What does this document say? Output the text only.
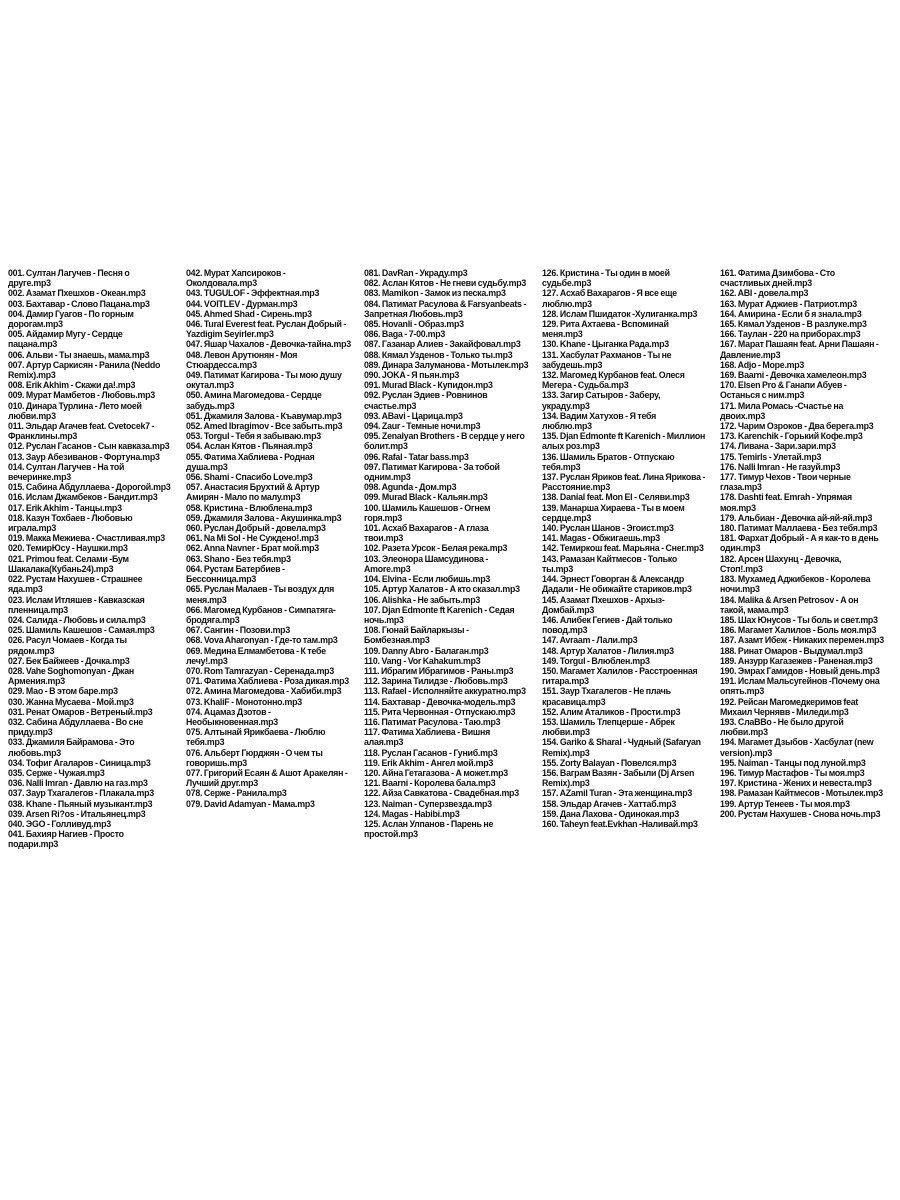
001. Султан Лагучев - Песня о друге.mp3
002. Азамат Пхешхов - Океан.mp3
003. Бахтавар - Слово Пацана.mp3
004. Дамир Гуагов - По горным дорогам.mp3
005. Айдамир Мугу - Сердце пацана.mp3
006. Альви - Ты знаешь, мама.mp3
007. Артур Саркисян - Ранила (Neddo Remix).mp3
008. Erik Akhim - Скажи да!.mp3
009. Мурат Мамбетов - Любовь.mp3
010. Динара Турлина - Лето моей любви.mp3
011. Эльдар Агачев feat. Cvetocek7 - Франклины.mp3
012. Руслан Гасанов - Сын кавказа.mp3
013. Заур Абезиванов - Фортуна.mp3
014. Султан Лагучев - На той вечеринке.mp3
015. Сабина Абдуллаева - Дорогой.mp3
016. Ислам Джамбеков - Бандит.mp3
017. Erik Akhim - Танцы.mp3
018. Казун Тохбаев - Любовью играла.mp3
019. Макка Межиева - Счастливая.mp3
020. ТемирЮсу - Наушки.mp3
021. Primou feat. Селами -Бум Шакалака(Кубань24).mp3
022. Рустам Нахушев - Страшнее яда.mp3
023. Ислам Итляшев - Кавказская пленница.mp3
024. Салида - Любовь и сила.mp3
025. Шамиль Кашешов - Самая.mp3
026. Расул Чомаев - Когда ты рядом.mp3
027. Бек Байжеев - Дочка.mp3
028. Vahe Soghomonyan - Джан Армения.mp3
029. Мао - В этом баре.mp3
030. Жанна Мусаева - Мой.mp3
031. Ренат Омаров - Ветреный.mp3
032. Сабина Абдуллаева - Во сне приду.mp3
033. Джамиля Байрамова - Это любовь.mp3
034. Тофиг Агаларов - Синица.mp3
035. Серже - Чужая.mp3
036. Nalli Imran - Давлю на газ.mp3
037. Заур Тхагалегов - Плакала.mp3
038. Khane - Пьяный музыкант.mp3
039. Arsen Ri?os - Итальянец.mp3
040. ЭGO - Голливуд.mp3
041. Бахияр Нагиев - Просто подари.mp3
042. Мурат Хапсироков - Околдовала.mp3
043. TUGULOF - Эффектная.mp3
044. VOITLEV - Дурман.mp3
045. Ahmed Shad - Сирень.mp3
046. Tural Everest feat. Руслан Добрый - Yazdigim Seyirler.mp3
047. Яшар Чахалов - Девочка-тайна.mp3
048. Левон Арутюнян - Моя Стюардесса.mp3
049. Патимат Кагирова - Ты мою душу окутал.mp3
050. Амина Магомедова - Сердце забудь.mp3
051. Джамиля Залова - Къавумар.mp3
052. Amed Ibragimov - Все забыть.mp3
053. Torgul - Тебя я забываю.mp3
054. Аслан Кятов - Пьяная.mp3
055. Фатима Хаблиева - Родная душа.mp3
056. Shami - Спасибо Love.mp3
057. Анастасия Брухтий & Артур Амирян - Мало по малу.mp3
058. Кристина - Влюблена.mp3
059. Джамиля Залова - Акушинка.mp3
060. Руслан Добрый - довела.mp3
061. Na Mi Sol - Не Суждено!.mp3
062. Anna Navner - Брат мой.mp3
063. Shano - Без тебя.mp3
064. Рустам Батербиев - Бессонница.mp3
065. Руслан Малаев - Ты воздух для меня.mp3
066. Магомед Курбанов - Симпатяга-бродяга.mp3
067. Сангин - Позови.mp3
068. Vova Aharonyan - Где-то там.mp3
069. Медина Елмамбетова - К тебе лечу!.mp3
070. Rom Tamrazyan - Серенада.mp3
071. Фатима Хаблиева - Роза дикая.mp3
072. Амина Магомедова - Хабиби.mp3
073. KhaliF - Монотонно.mp3
074. Ацамаз Дзотов - Необыкновенная.mp3
075. Алтынай Ярикбаева - Люблю тебя.mp3
076. Альберт Гюрджян - О чем ты говоришь.mp3
077. Григорий Есаян & Ашот Аракелян - Лучший друг.mp3
078. Серже - Ранила.mp3
079. David Adamyan - Мама.mp3
081. DavRan - Украду.mp3
082. Аслан Кятов - Не гневи судьбу.mp3
083. Mamikon - Замок из песка.mp3
084. Патимат Расулова & Farsyanbeats - Запретная Любовь.mp3
085. Hovanli - Образ.mp3
086. Baga - 7-00.mp3
087. Газанар Алиев - Закайфовал.mp3
088. Кямал Узденов - Только ты.mp3
089. Динара Залуманова - Мотылек.mp3
090. JOKA - Я пьян.mp3
091. Murad Black - Купидон.mp3
092. Руслан Эдиев - Ровнинов счастье.mp3
093. ABavi - Царица.mp3
094. Zaur - Темные ночи.mp3
095. Zenalyan Brothers - В сердце у него болит.mp3
096. Rafal - Tatar bass.mp3
097. Патимат Кагирова - За тобой одним.mp3
098. Agunda - Дом.mp3
099. Murad Black - Кальян.mp3
100. Шамиль Кашешов - Огнем горя.mp3
101. Асхаб Вахарагов - А глаза твои.mp3
102. Разета Урсок - Белая река.mp3
103. Элеонора Шамсудинова - Amore.mp3
104. Elvina - Если любишь.mp3
105. Артур Халатов - А кто сказал.mp3
106. Alishka - Не забыть.mp3
107. Djan Edmonte ft Karenich - Седая ночь.mp3
108. Гюнай Байларкызы - Бомбезная.mp3
109. Danny Abro - Балаган.mp3
110. Vang - Vor Kahakum.mp3
111. Ибрагим Ибрагимов - Раны.mp3
112. Зарина Тилидзе - Любовь.mp3
113. Rafael - Исполняйте аккуратно.mp3
114. Бахтавар - Девочка-модель.mp3
115. Рита Червонная - Отпускаю.mp3
116. Патимат Расулова - Таю.mp3
117. Фатима Хаблиева - Вишня алая.mp3
118. Руслан Гасанов - Гуниб.mp3
119. Erik Akhim - Ангел мой.mp3
120. Айна Гетагазова - А может.mp3
121. Baarni - Королева бала.mp3
122. Айза Савкатова - Свадебная.mp3
123. Naiman - Суперзвезда.mp3
124. Magas - Habibi.mp3
125. Аслан Улпанов - Парень не простой.mp3
126. Кристина - Ты один в моей судьбе.mp3
127. Асхаб Вахарагов - Я все еще люблю.mp3
128. Ислам Пшидаток -Хулиганка.mp3
129. Рита Ахтаева - Вспоминай меня.mp3
130. Khane - Цыганка Рада.mp3
131. Хасбулат Рахманов - Ты не забудешь.mp3
132. Магомед Курбанов feat. Олеся Мегера - Судьба.mp3
133. Загир Сатыров - Заберу, украду.mp3
134. Вадим Хатухов - Я тебя люблю.mp3
135. Djan Edmonte ft Karenich - Миллион алых роз.mp3
136. Шамиль Братов - Отпускаю тебя.mp3
137. Руслан Яриков feat. Лина Ярикова - Расстояние.mp3
138. Danial feat. Mon El - Селяви.mp3
139. Манарша Хираева - Ты в моем сердце.mp3
140. Руслан Шанов - Эгоист.mp3
141. Magas - Обжигаешь.mp3
142. Темиркош feat. Марьяна - Снег.mp3
143. Рамазан Кайтмесов - Только ты.mp3
144. Эрнест Говорган & Александр Дадали - Не обижайте стариков.mp3
145. Азамат Пхешхов - Архыз-Домбай.mp3
146. Алибек Гегиев - Дай только повод.mp3
147. Avraam - Лали.mp3
148. Артур Халатов - Лилия.mp3
149. Torgul - Влюблен.mp3
150. Магамет Халилов - Расстроенная гитара.mp3
151. Заур Тхагалегов - Не плачь красавица.mp3
152. Алим Аталиков - Прости.mp3
153. Шамиль Тлепцерше - Абрек любви.mp3
154. Gariko & Sharal - Чудный (Safaryan Remix).mp3
155. Zorty Balayan - Повелся.mp3
156. Ваграм Вазян - Забыли (Dj Arsen Remix).mp3
157. AZamil Turan - Эта женщина.mp3
158. Эльдар Агачев - Хаттаб.mp3
159. Дана Лахова - Одинокая.mp3
160. Taheyn feat.Evkhan -Наливай.mp3
161. Фатима Дзимбова - Сто счастливых дней.mp3
162. ABI - довела.mp3
163. Мурат Аджиев - Патриот.mp3
164. Амирина - Если б я знала.mp3
165. Кямал Узденов - В разлуке.mp3
166. Таулан - 220 на приборах.mp3
167. Марат Пашаян feat. Арни Пашаян - Давление.mp3
168. Adjo - Море.mp3
169. Baarni - Девочка хамелеон.mp3
170. Elsen Pro & Ганапи Абуев - Останься с ним.mp3
171. Мила Ромась -Счастье на двоих.mp3
172. Чарим Озроков - Два берега.mp3
173. Karenchik - Горький Кофе.mp3
174. Ливана - Зари.зари.mp3
175. Temirls - Улетай.mp3
176. Nalli Imran - Не газуй.mp3
177. Тимур Чехов - Твои черные глаза.mp3
178. Dashti feat. Emrah - Упрямая моя.mp3
179. Альбиан - Девочка ай-яй-яй.mp3
180. Патимат Маллаева - Без тебя.mp3
181. Фархат Добрый - А я как-то в день один.mp3
182. Арсен Шахунц - Девочка, Стоп!.mp3
183. Мухамед Аджибеков - Королева ночи.mp3
184. Malika & Arsen Petrosov - А он такой, мама.mp3
185. Шах Юнусов - Ты боль и свет.mp3
186. Магамет Халилов - Боль моя.mp3
187. Азамт Ибеж - Никаких перемен.mp3
188. Ринат Омаров - Выдумал.mp3
189. Анзурр Кагазежев - Раненая.mp3
190. Эмрах Гамидов - Новый день.mp3
191. Ислам Мальсугейнов -Почему она опять.mp3
192. Рейсан Магомедкеримов feat Михаил Чернявв - Миледи.mp3
193. СлаВВо - Не было другой любви.mp3
194. Магамет Дзыбов - Хасбулат (new version).mp3
195. Naiman - Танцы под луной.mp3
196. Тимур Мастафов - Ты моя.mp3
197. Кристина - Жених и невеста.mp3
198. Рамазан Кайтмесов - Мотылек.mp3
199. Артур Тенеев - Ты моя.mp3
200. Рустам Нахушев - Снова ночь.mp3
